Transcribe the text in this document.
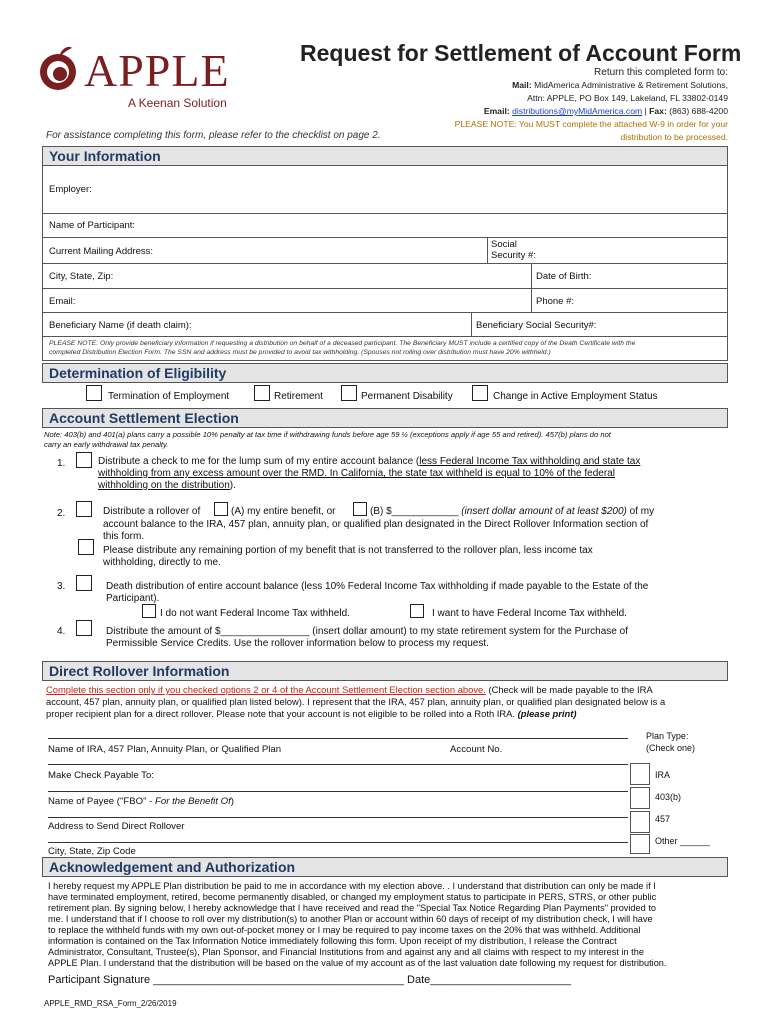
APPLE
A Keenan Solution
Request for Settlement of Account Form
Return this completed form to:
Mail: MidAmerica Administrative & Retirement Solutions,
Attn: APPLE, PO Box 149, Lakeland, FL 33802-0149
Email: distributions@myMidAmerica.com | Fax: (863) 688-4200
PLEASE NOTE: You MUST complete the attached W-9 in order for your
distribution to be processed.
For assistance completing this form, please refer to the checklist on page 2.
Your Information
Employer:
Name of Participant:
Current Mailing Address:
Social
Security #:
City, State, Zip:	Date of Birth:
Email:	Phone #:
Beneficiary Name (if death claim):	Beneficiary Social Security#:
PLEASE NOTE: Only provide beneficiary information if requesting a distribution on behalf of a deceased participant. The Beneficiary MUST include a certified copy of the Death Certificate with the
completed Distribution Election Form. The SSN and address must be provided to avoid tax withholding. (Spouses not rolling over distribution must have 20% withheld.)
Determination of Eligibility
Termination of Employment	Retirement	Permanent Disability	Change in Active Employment Status
Account Settlement Election
Note: 403(b) and 401(a) plans carry a possible 10% penalty at tax time if withdrawing funds before age 59 ½ (exceptions apply if age 55 and retired). 457(b) plans do not
carry an early withdrawal tax penalty.
1.	Distribute a check to me for the lump sum of my entire account balance (less Federal Income Tax withholding and state tax
withholding from any excess amount over the RMD. In California, the state tax withheld is equal to 10% of the federal
withholding on the distribution).
2.	Distribute a rollover of	(A) my entire benefit, or	(B) $____________ (insert dollar amount of at least $200) of my
account balance to the IRA, 457 plan, annuity plan, or qualified plan designated in the Direct Rollover Information section of
this form.
Please distribute any remaining portion of my benefit that is not transferred to the rollover plan, less income tax
withholding, directly to me.
3.	Death distribution of entire account balance (less 10% Federal Income Tax withholding if made payable to the Estate of the
Participant).
I do not want Federal Income Tax withheld.	I want to have Federal Income Tax withheld.
4.	Distribute the amount of $________________ (insert dollar amount) to my state retirement system for the Purchase of
Permissible Service Credits. Use the rollover information below to process my request.
Direct Rollover Information
Complete this section only if you checked options 2 or 4 of the Account Settlement Election section above. (Check will be made payable to the IRA
account, 457 plan, annuity plan, or qualified plan listed below). I represent that the IRA, 457 plan, annuity plan, or qualified plan designated below is a
proper recipient plan for a direct rollover. Please note that your account is not eligible to be rolled into a Roth IRA. (please print)
Plan Type:
(Check one)
Name of IRA, 457 Plan, Annuity Plan, or Qualified Plan	Account No.
Make Check Payable To:
Name of Payee ("FBO" - For the Benefit Of)
Address to Send Direct Rollover
City, State, Zip Code
IRA
403(b)
457
Other ______
Acknowledgement and Authorization
I hereby request my APPLE Plan distribution be paid to me in accordance with my election above. . I understand that distribution can only be made if I
have terminated employment, retired, become permanently disabled, or changed my employment status to participate in PERS, STRS, or other public
retirement plan. By signing below, I hereby acknowledge that I have received and read the "Special Tax Notice Regarding Plan Payments" provided to
me. I understand that if I choose to roll over my distribution(s) to another Plan or account within 60 days of receipt of my distribution check, I will have
to replace the withheld funds with my own out-of-pocket money or I may be required to pay income taxes on the 20% that was withheld. Additional
information is contained on the Tax Information Notice immediately following this form. Upon receipt of my distribution, I release the Contract
Administrator, Consultant, Trustee(s), Plan Sponsor, and Financial Institutions from and against any and all claims with respect to my interest in the
APPLE Plan. I understand that the distribution will be based on the value of my account as of the last valuation date following my request for distribution.
Participant Signature _________________________________________ Date_______________________
APPLE_RMD_RSA_Form_2/26/2019
